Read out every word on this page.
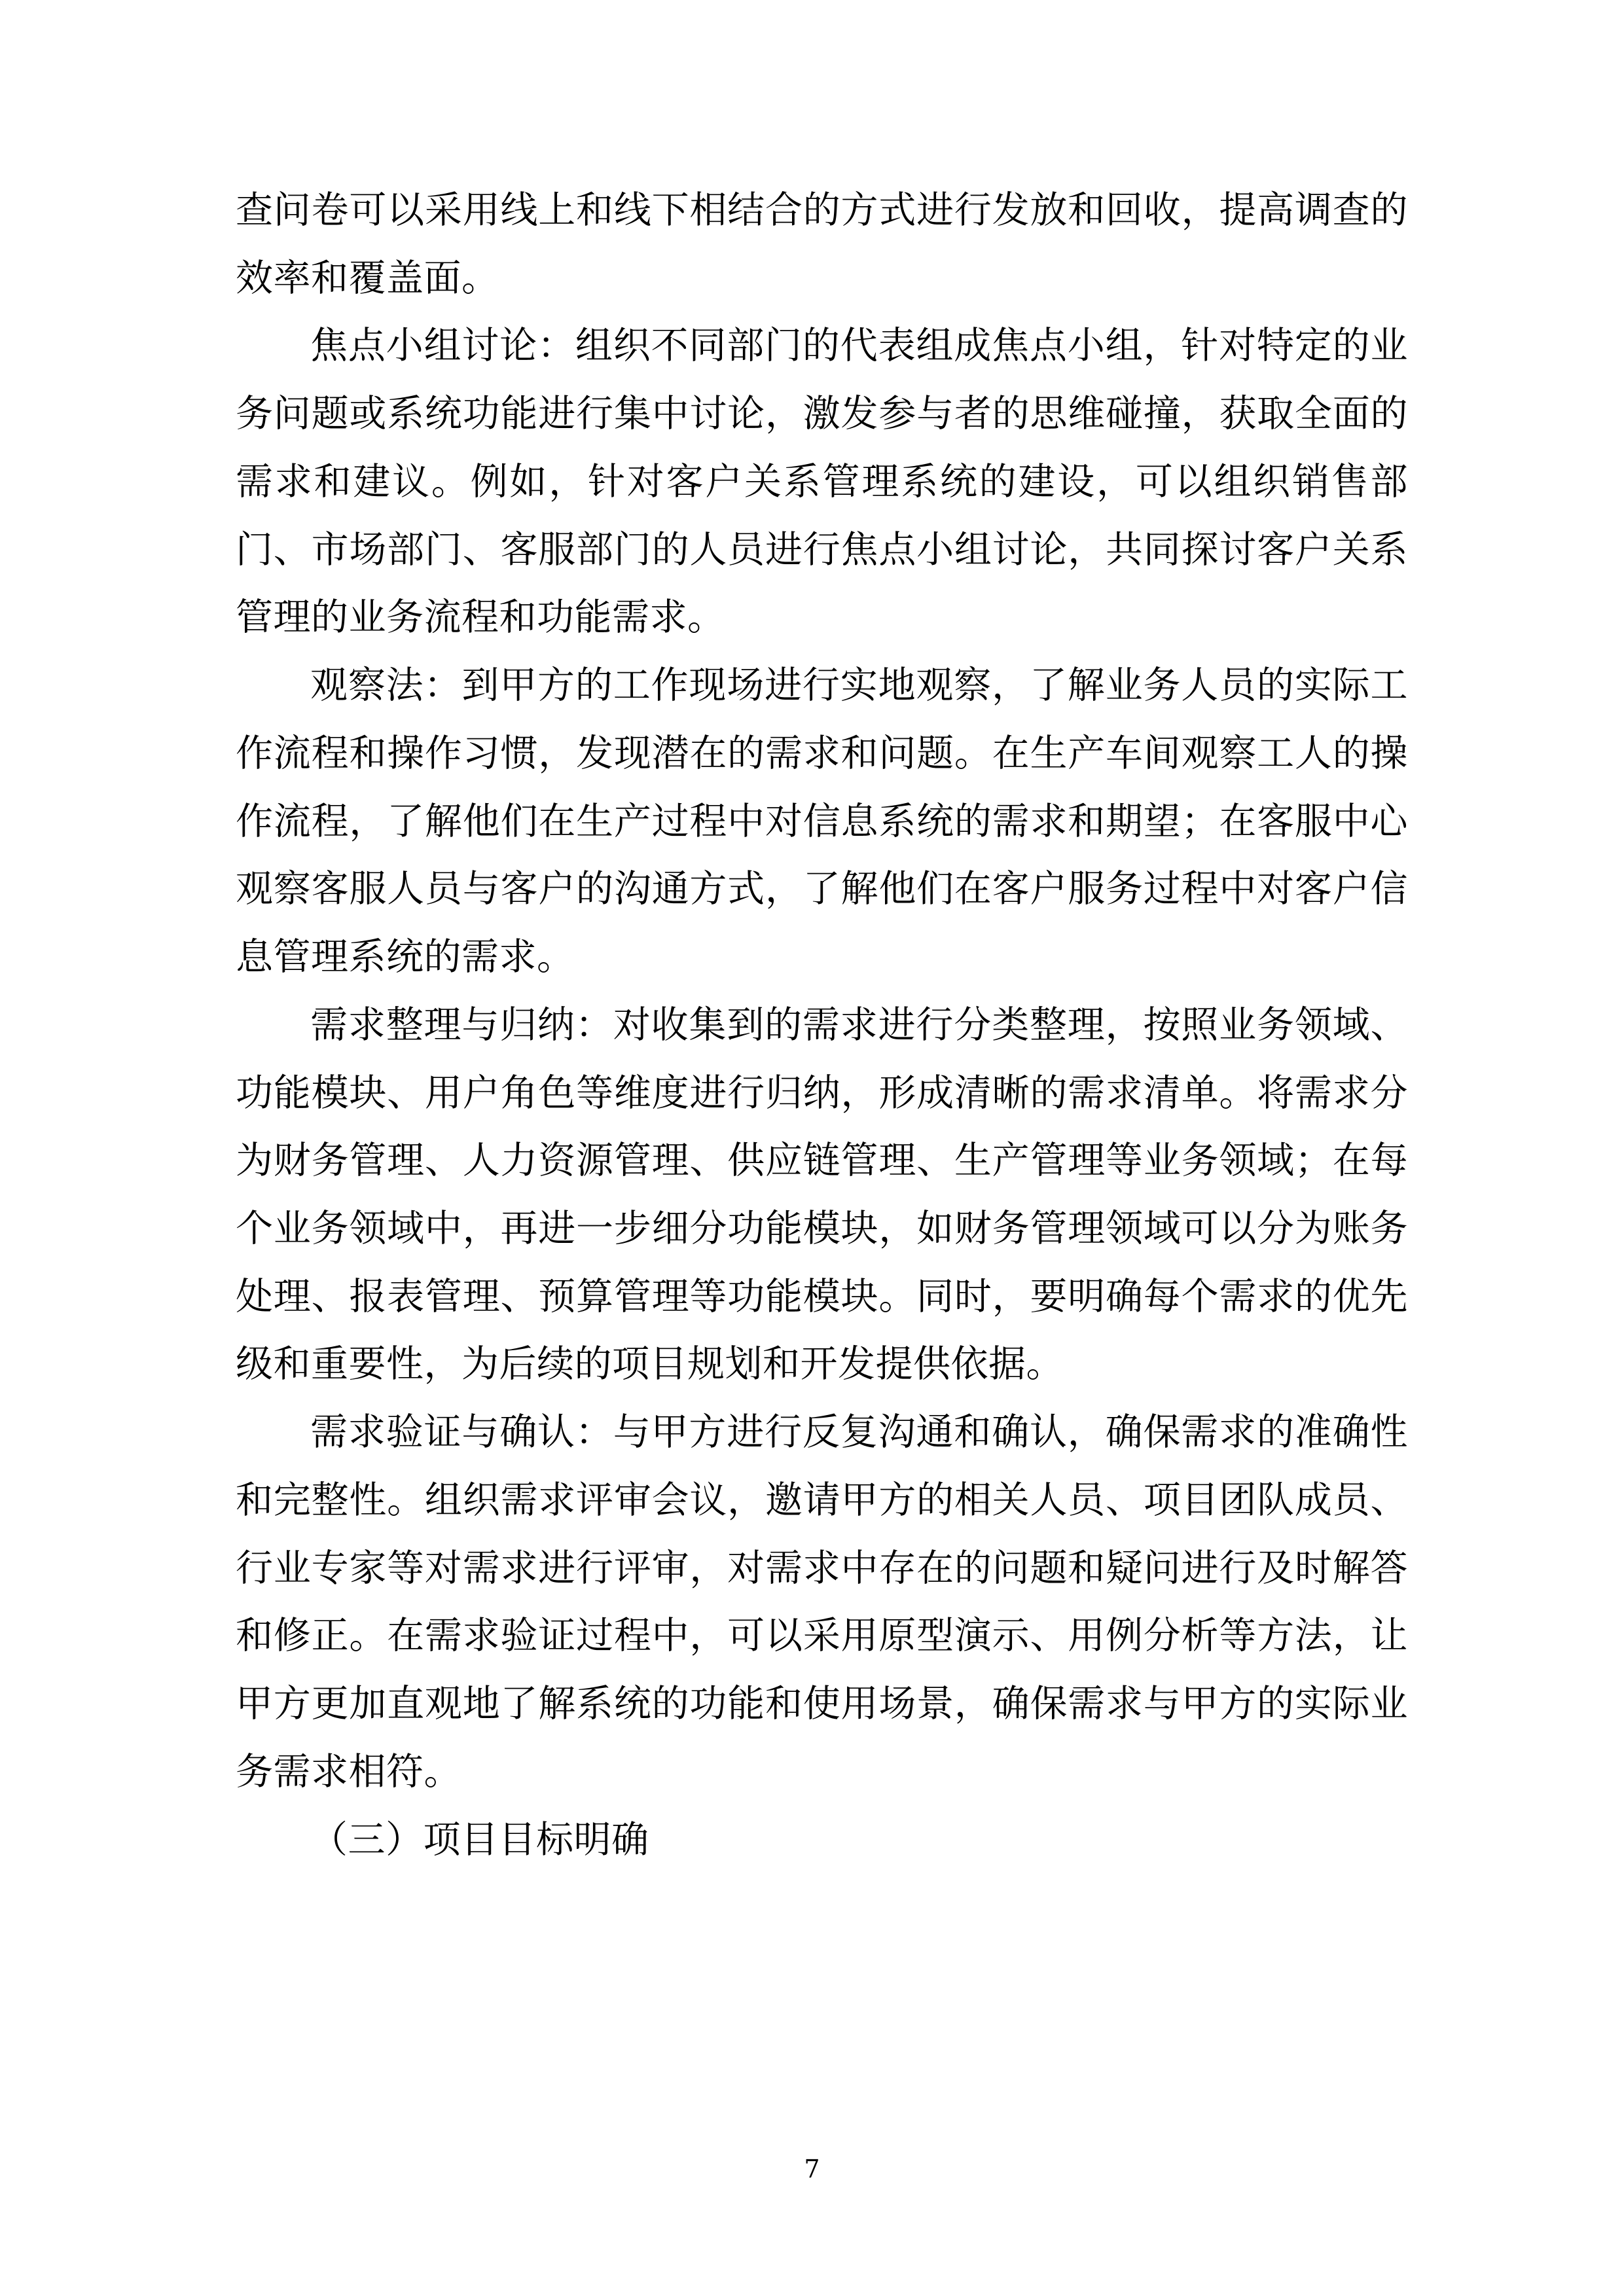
查问卷可以采用线上和线下相结合的方式进行发放和回收，提高调查的效率和覆盖面。

焦点小组讨论：组织不同部门的代表组成焦点小组，针对特定的业务问题或系统功能进行集中讨论，激发参与者的思维碰撞，获取全面的需求和建议。例如，针对客户关系管理系统的建设，可以组织销售部门、市场部门、客服部门的人员进行焦点小组讨论，共同探讨客户关系管理的业务流程和功能需求。

观察法：到甲方的工作现场进行实地观察，了解业务人员的实际工作流程和操作习惯，发现潜在的需求和问题。在生产车间观察工人的操作流程，了解他们在生产过程中对信息系统的需求和期望；在客服中心观察客服人员与客户的沟通方式，了解他们在客户服务过程中对客户信息管理系统的需求。

需求整理与归纳：对收集到的需求进行分类整理，按照业务领域、功能模块、用户角色等维度进行归纳，形成清晰的需求清单。将需求分为财务管理、人力资源管理、供应链管理、生产管理等业务领域；在每个业务领域中，再进一步细分功能模块，如财务管理领域可以分为账务处理、报表管理、预算管理等功能模块。同时，要明确每个需求的优先级和重要性，为后续的项目规划和开发提供依据。

需求验证与确认：与甲方进行反复沟通和确认，确保需求的准确性和完整性。组织需求评审会议，邀请甲方的相关人员、项目团队成员、行业专家等对需求进行评审，对需求中存在的问题和疑问进行及时解答和修正。在需求验证过程中，可以采用原型演示、用例分析等方法，让甲方更加直观地了解系统的功能和使用场景，确保需求与甲方的实际业务需求相符。

（三）项目目标明确

7
